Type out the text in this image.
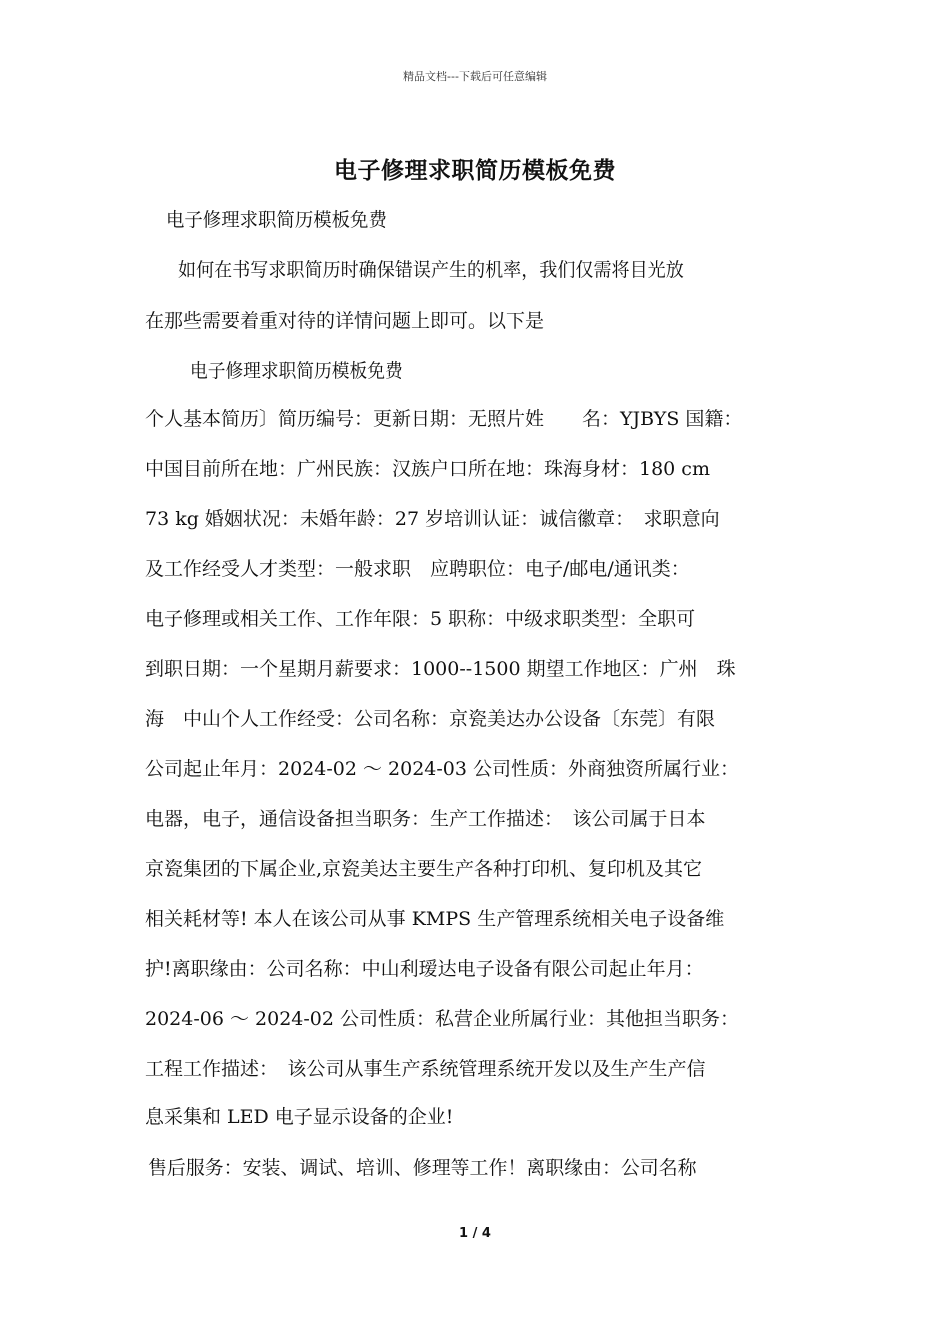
精品文档---下载后可任意编辑
电子修理求职简历模板免费
电子修理求职简历模板免费
如何在书写求职简历时确保错误产生的机率，我们仅需将目光放
在那些需要着重对待的详情问题上即可。以下是
电子修理求职简历模板免费
个人基本简历〕简历编号：更新日期：无照片姓　　名：YJBYS 国籍：
中国目前所在地：广州民族：汉族户口所在地：珠海身材：180 cm
73 kg 婚姻状况：未婚年龄：27 岁培训认证：诚信徽章：　求职意向
及工作经受人才类型：一般求职　应聘职位：电子/邮电/通讯类：
电子修理或相关工作、工作年限：5 职称：中级求职类型：全职可
到职日期：一个星期月薪要求：1000--1500 期望工作地区：广州　珠
海　中山个人工作经受：公司名称：京瓷美达办公设备〔东莞〕有限
公司起止年月：2024-02 ～ 2024-03 公司性质：外商独资所属行业：
电器，电子，通信设备担当职务：生产工作描述：　该公司属于日本
京瓷集团的下属企业,京瓷美达主要生产各种打印机、复印机及其它
相关耗材等! 本人在该公司从事 KMPS 生产管理系统相关电子设备维
护!离职缘由：公司名称：中山利瑷达电子设备有限公司起止年月：
2024-06 ～ 2024-02 公司性质：私营企业所属行业：其他担当职务：
工程工作描述：　该公司从事生产系统管理系统开发以及生产生产信
息采集和 LED 电子显示设备的企业!
售后服务：安装、调试、培训、修理等工作！离职缘由：公司名称
1 / 4
